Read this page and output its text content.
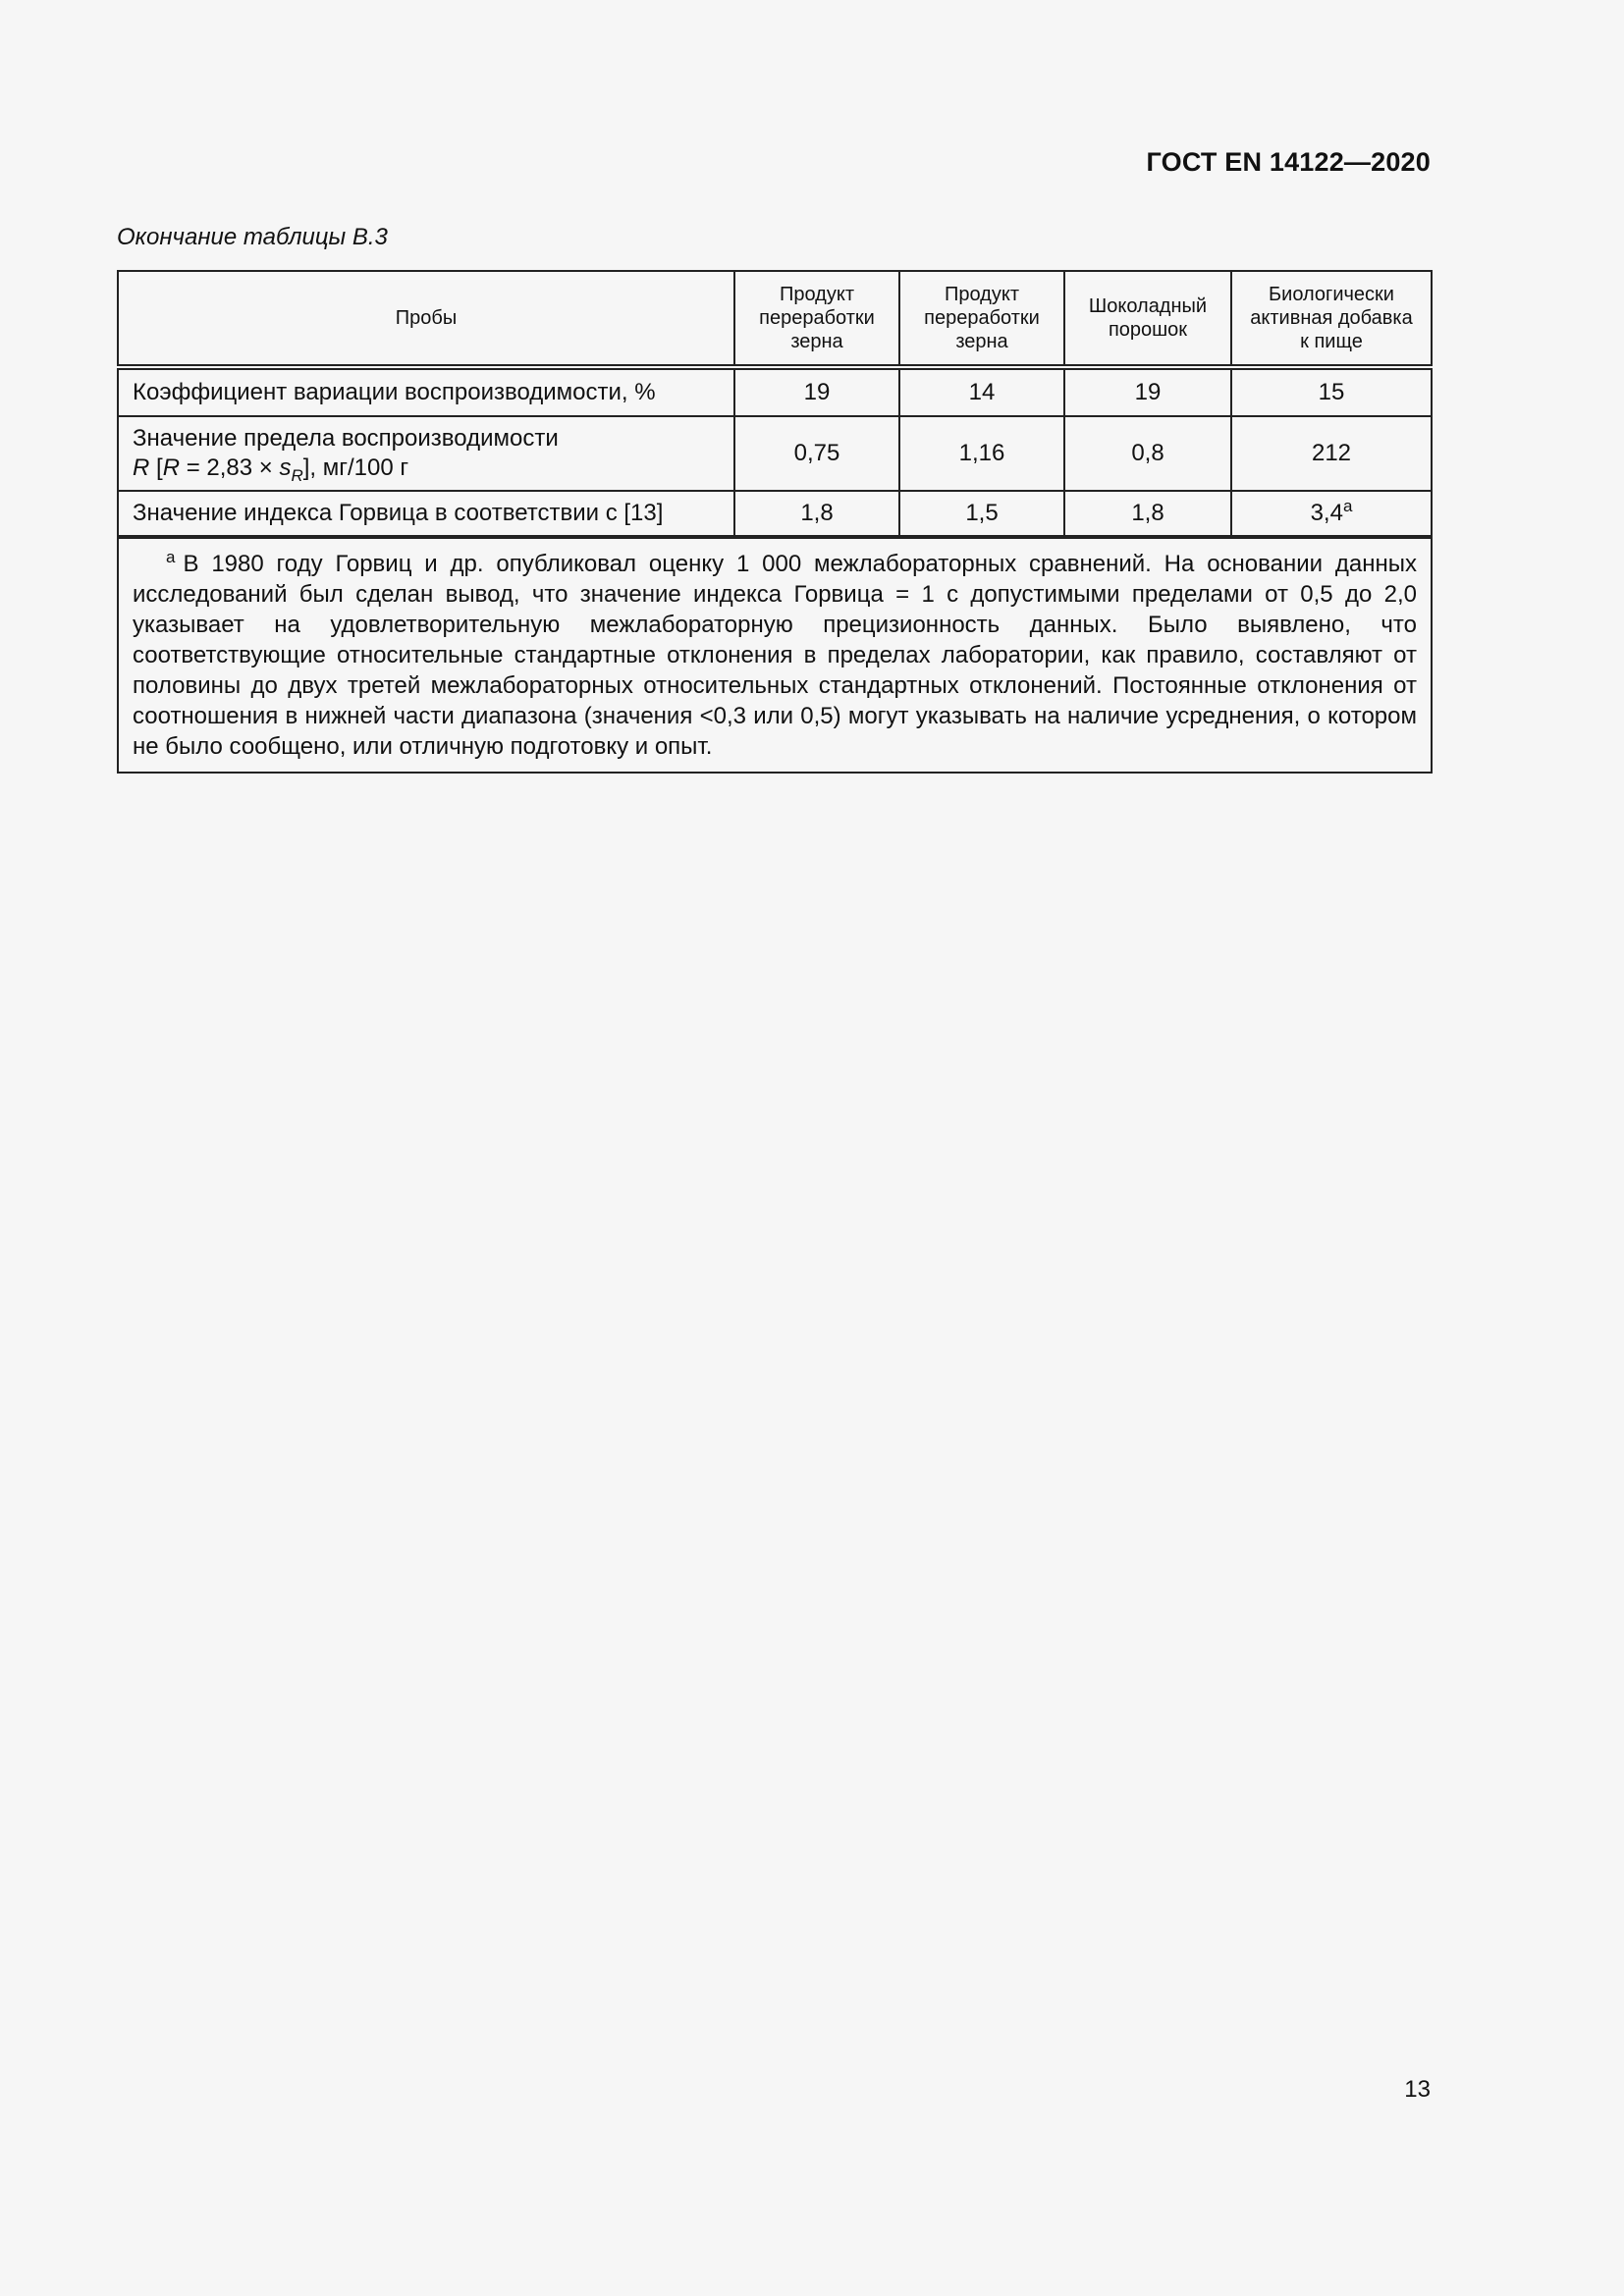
ГОСТ EN 14122—2020
Окончание таблицы В.3
Пробы	Продукт переработки зерна	Продукт переработки зерна	Шоколадный порошок	Биологически активная добавка к пище
Коэффициент вариации воспроизводимости, %	19	14	19	15
Значение предела воспроизводимости
R $[R = 2,83 \times s_R]$, мг/100 г	0,75	1,16	0,8	212
Значение индекса Горвица в соответствии с [13]	1,8	1,5	1,8	3,4$^a$
$^a$ В 1980 году Горвиц и др. опубликовал оценку 1 000 межлабораторных сравнений. На основании данных исследований был сделан вывод, что значение индекса Горвица = 1 с допустимыми пределами от 0,5 до 2,0 указывает на удовлетворительную межлабораторную прецизионность данных. Было выявлено, что соответствующие относительные стандартные отклонения в пределах лаборатории, как правило, составляют от половины до двух третей межлабораторных относительных стандартных отклонений. Постоянные отклонения от соотношения в нижней части диапазона (значения <0,3 или 0,5) могут указывать на наличие усреднения, о котором не было сообщено, или отличную подготовку и опыт.				
13
